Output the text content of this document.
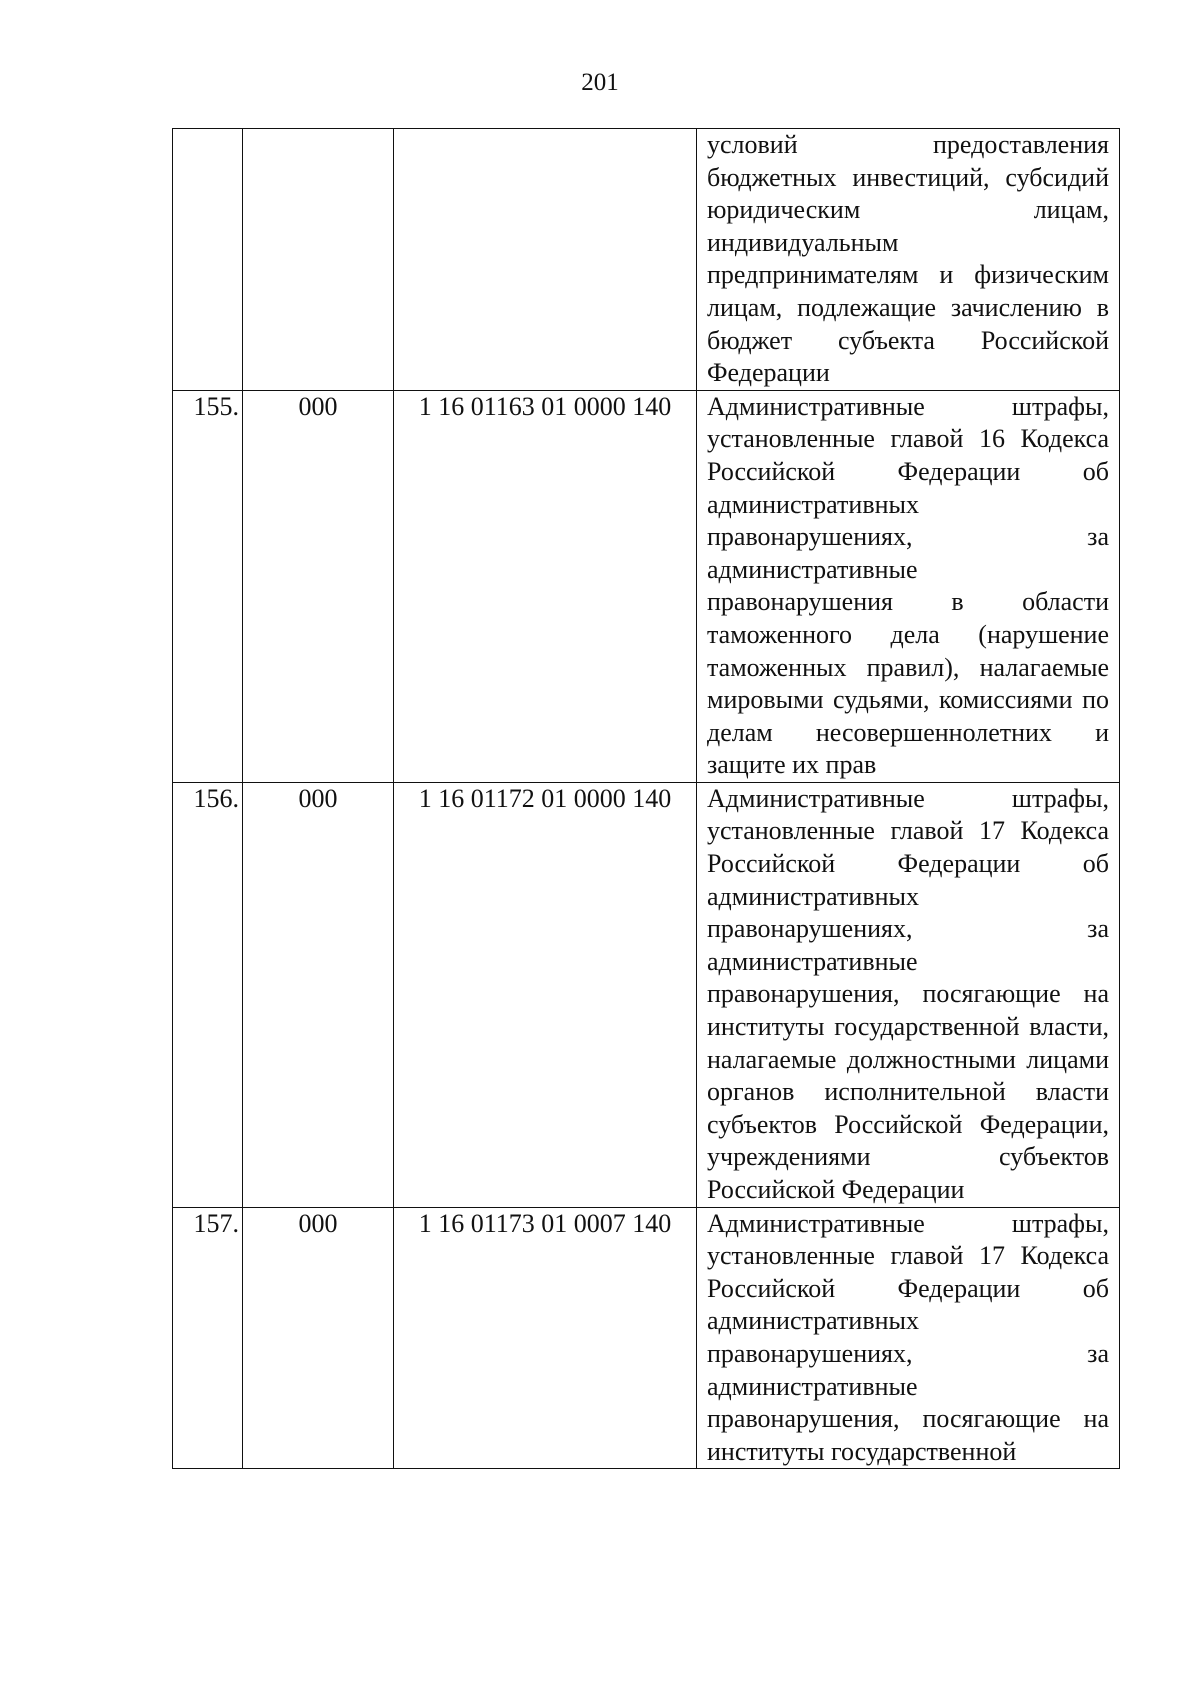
201

			условий предоставления бюджетных инвестиций, субсидий юридическим лицам, индивидуальным предпринимателям и физическим лицам, подлежащие зачислению в бюджет субъекта Российской Федерации

155.	000	1 16 01163 01 0000 140	Административные штрафы, установленные главой 16 Кодекса Российской Федерации об административных правонарушениях, за административные правонарушения в области таможенного дела (нарушение таможенных правил), налагаемые мировыми судьями, комиссиями по делам несовершеннолетних и защите их прав

156.	000	1 16 01172 01 0000 140	Административные штрафы, установленные главой 17 Кодекса Российской Федерации об административных правонарушениях, за административные правонарушения, посягающие на институты государственной власти, налагаемые должностными лицами органов исполнительной власти субъектов Российской Федерации, учреждениями субъектов Российской Федерации

157.	000	1 16 01173 01 0007 140	Административные штрафы, установленные главой 17 Кодекса Российской Федерации об административных правонарушениях, за административные правонарушения, посягающие на институты государственной
